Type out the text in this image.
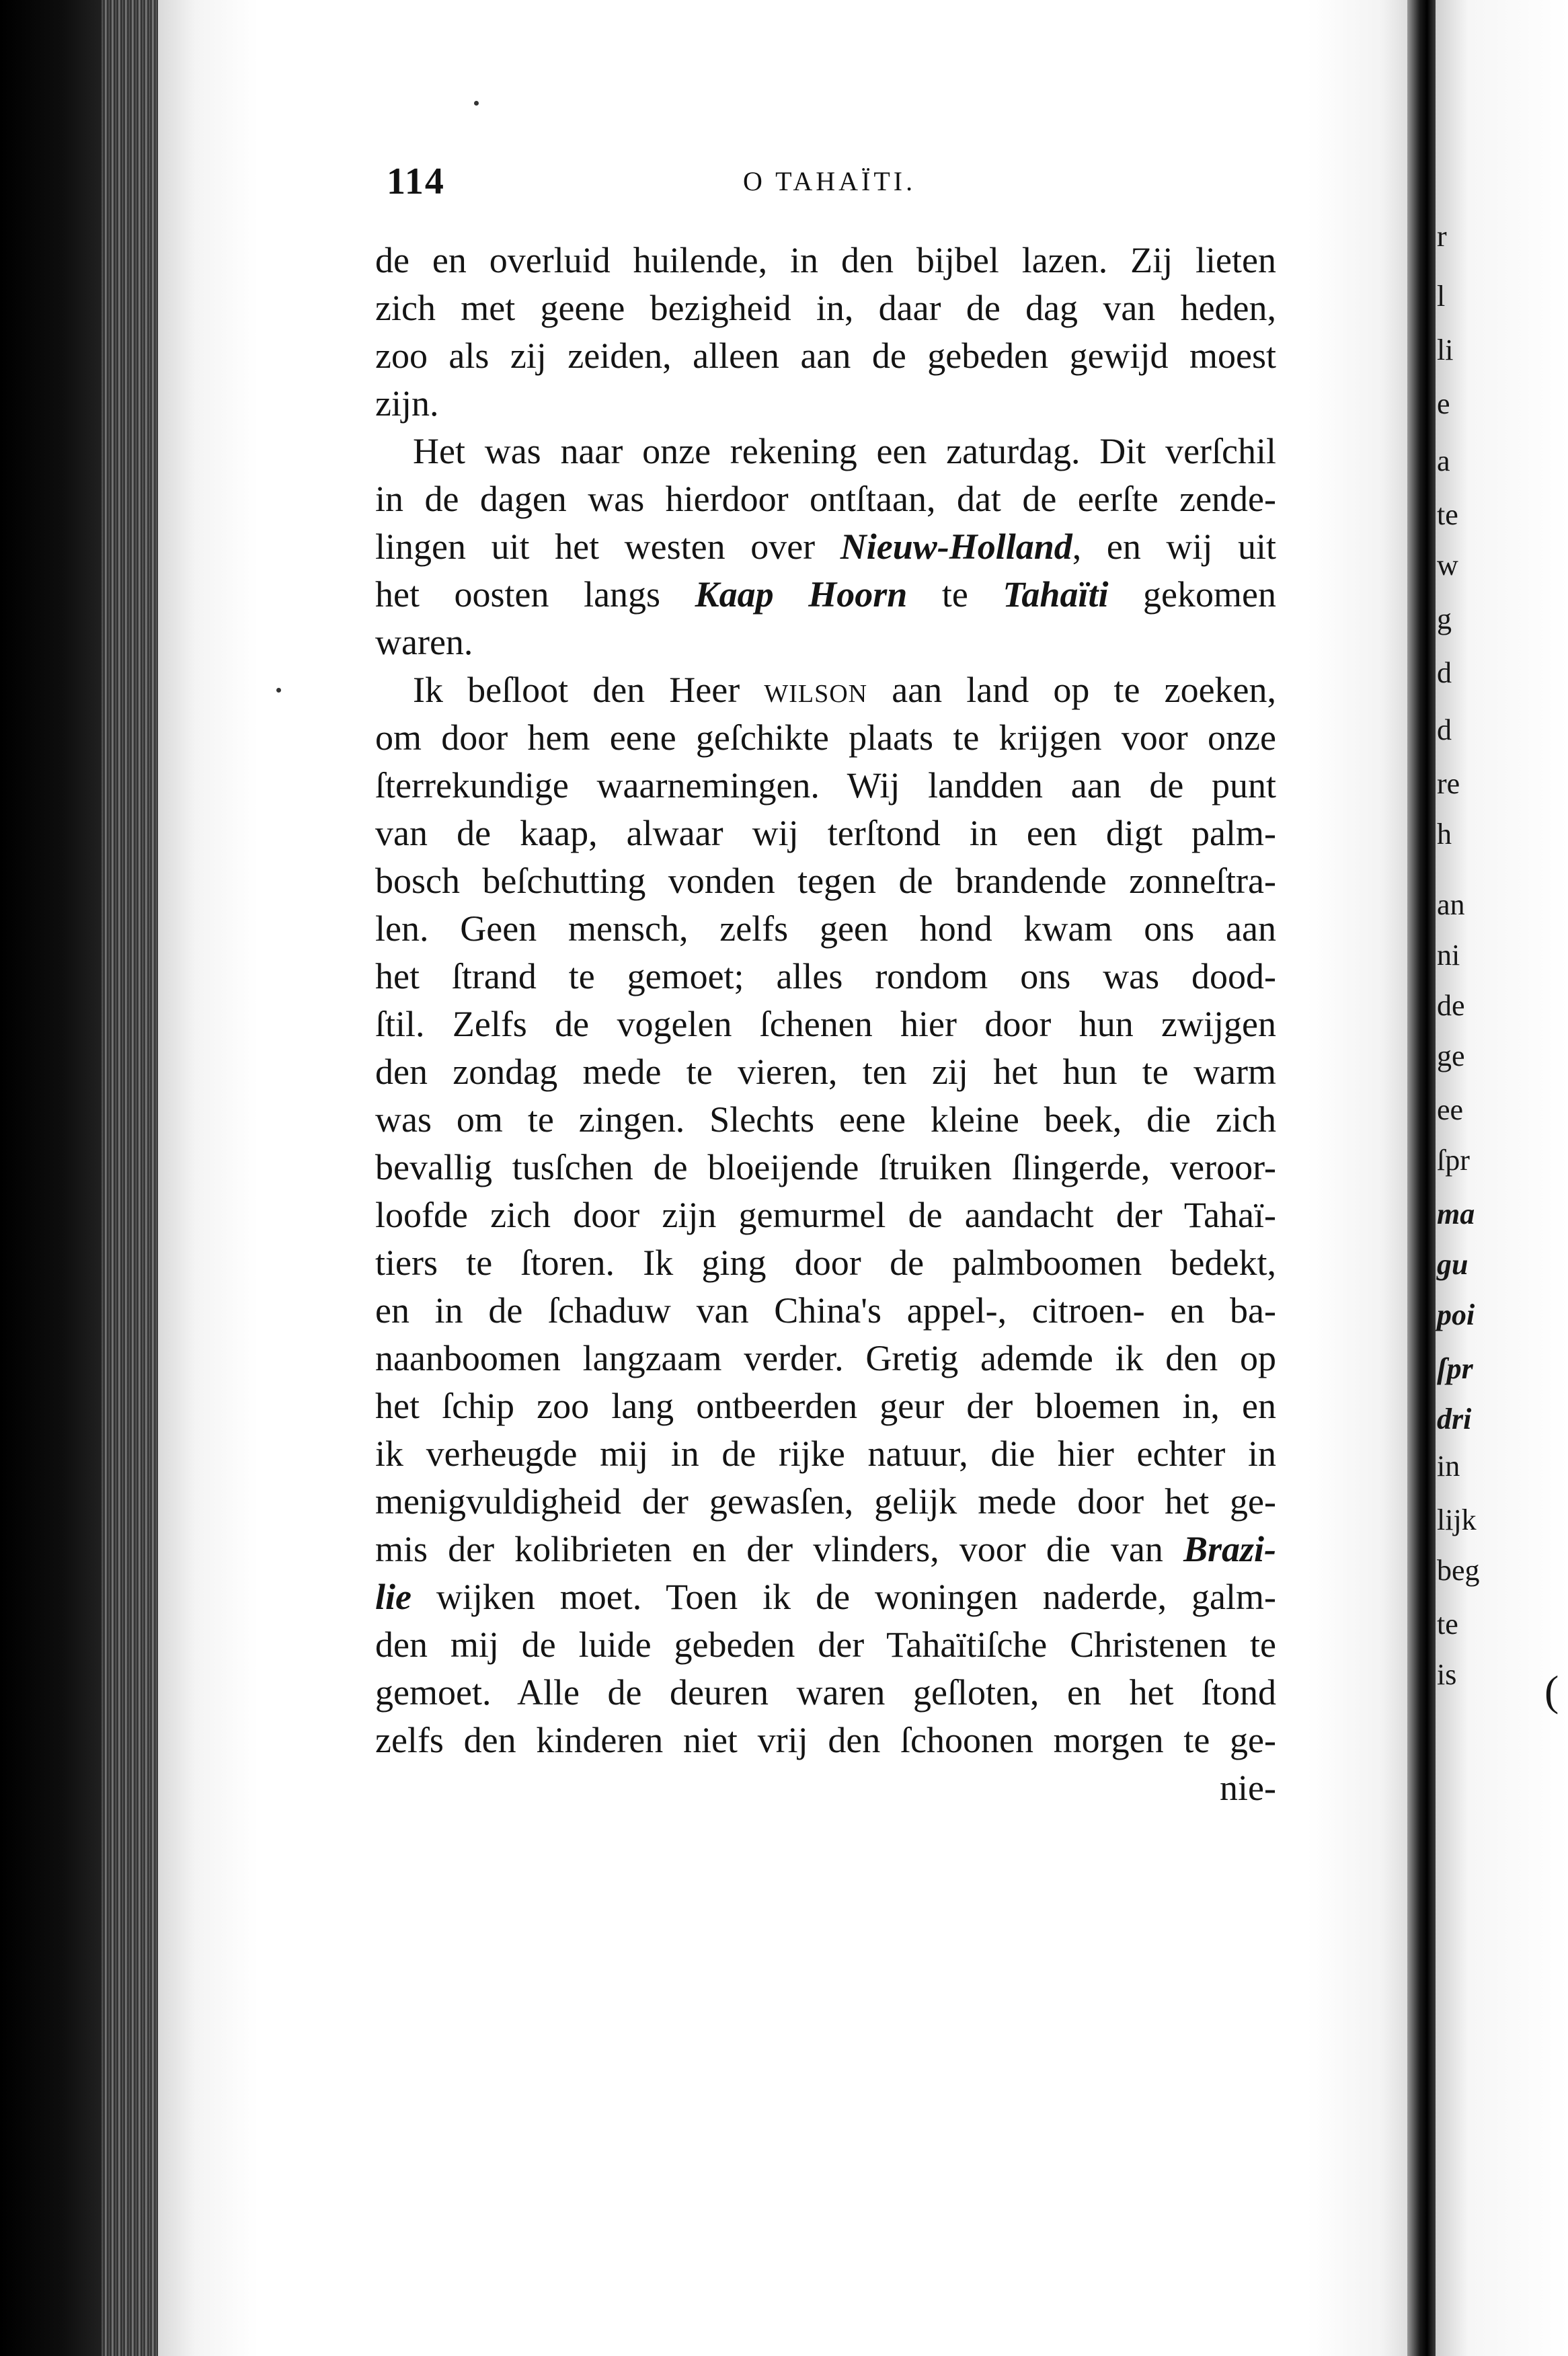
114	O TAHAÏTI.
de en overluid huilende, in den bijbel lazen. Zij lieten
zich met geene bezigheid in, daar de dag van heden,
zoo als zij zeiden, alleen aan de gebeden gewijd moest
zijn.
Het was naar onze rekening een zaturdag. Dit verſchil
in de dagen was hierdoor ontſtaan, dat de eerſte zende-
lingen uit het westen over Nieuw-Holland, en wij uit
het oosten langs Kaap Hoorn te Tahaïti gekomen
waren.
Ik beſloot den Heer wilson aan land op te zoeken,
om door hem eene geſchikte plaats te krijgen voor onze
ſterrekundige waarnemingen. Wij landden aan de punt
van de kaap, alwaar wij terſtond in een digt palm-
bosch beſchutting vonden tegen de brandende zonneſtra-
len. Geen mensch, zelfs geen hond kwam ons aan
het ſtrand te gemoet; alles rondom ons was dood-
ſtil. Zelfs de vogelen ſchenen hier door hun zwijgen
den zondag mede te vieren, ten zij het hun te warm
was om te zingen. Slechts eene kleine beek, die zich
bevallig tusſchen de bloeijende ſtruiken ſlingerde, veroor-
loofde zich door zijn gemurmel de aandacht der Tahaï-
tiers te ſtoren. Ik ging door de palmboomen bedekt,
en in de ſchaduw van China's appel-, citroen- en ba-
naanboomen langzaam verder. Gretig ademde ik den op
het ſchip zoo lang ontbeerden geur der bloemen in, en
ik verheugde mij in de rijke natuur, die hier echter in
menigvuldigheid der gewasſen, gelijk mede door het ge-
mis der kolibrieten en der vlinders, voor die van Brazi-
lie wijken moet. Toen ik de woningen naderde, galm-
den mij de luide gebeden der Tahaïtiſche Christenen te
gemoet. Alle de deuren waren geſloten, en het ſtond
zelfs den kinderen niet vrij den ſchoonen morgen te ge-
nie-
r
l
li
e
a
te
w
g
d
d
re
h
an
ni
de
ge
ee
ſpr
ma
gu
poi
ſpr
dri
in
lijk
beg
te
is (
